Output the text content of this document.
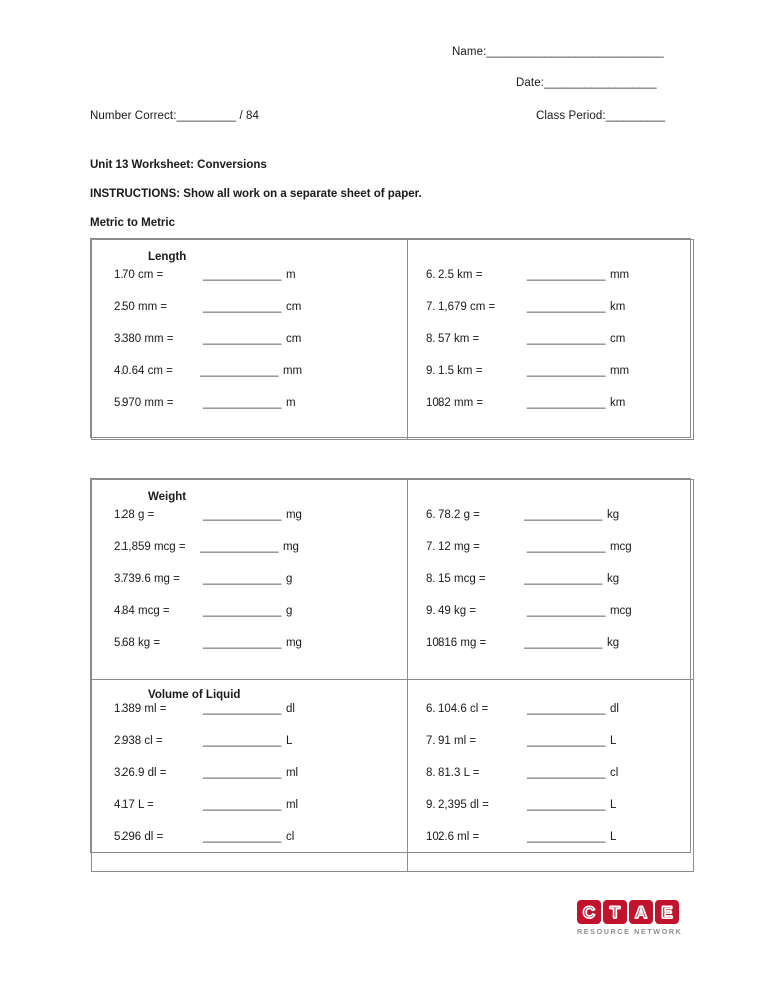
Name: ______________________________
Date: ___________________
Number Correct: __________ / 84	Class Period: __________
Unit 13 Worksheet: Conversions
INSTRUCTIONS: Show all work on a separate sheet of paper.
Metric to Metric
Length
1.
70 cm =	_____________ m
2.
50 mm =	_____________ cm
3.
380 mm =	_____________ cm
4.
0.64 cm =	_____________ mm
5.
970 mm =	_____________ m

6. 2.5 km =	_____________ mm
7. 1,679 cm =	_____________ km
8. 57 km =	_____________ cm
9. 1.5 km =	_____________ mm
10.
82 mm =	_____________ km
Weight
1.
28 g =	_____________ mg
2.
1,859 mcg =	_____________ mg
3.
739.6 mg =	_____________ g
4.
84 mcg =	_____________ g
5.
68 kg =	_____________ mg

6. 78.2 g =	_____________ kg
7. 12 mg =	_____________ mcg
8. 15 mcg =	_____________ kg
9. 49 kg =	_____________ mcg
10.
816 mg =	_____________ kg

Volume of Liquid
1.
389 ml =	_____________ dl
2.
938 cl =	_____________ L
3.
26.9 dl =	_____________ ml
4.
17 L =	_____________ ml
5.
296 dl =	_____________ cl

6. 104.6 cl =	_____________ dl
7. 91 ml =	_____________ L
8. 81.3 L =	_____________ cl
9. 2,395 dl =	_____________ L
10.
2.6 ml =	_____________ L
C T A E
RESOURCE NETWORK
